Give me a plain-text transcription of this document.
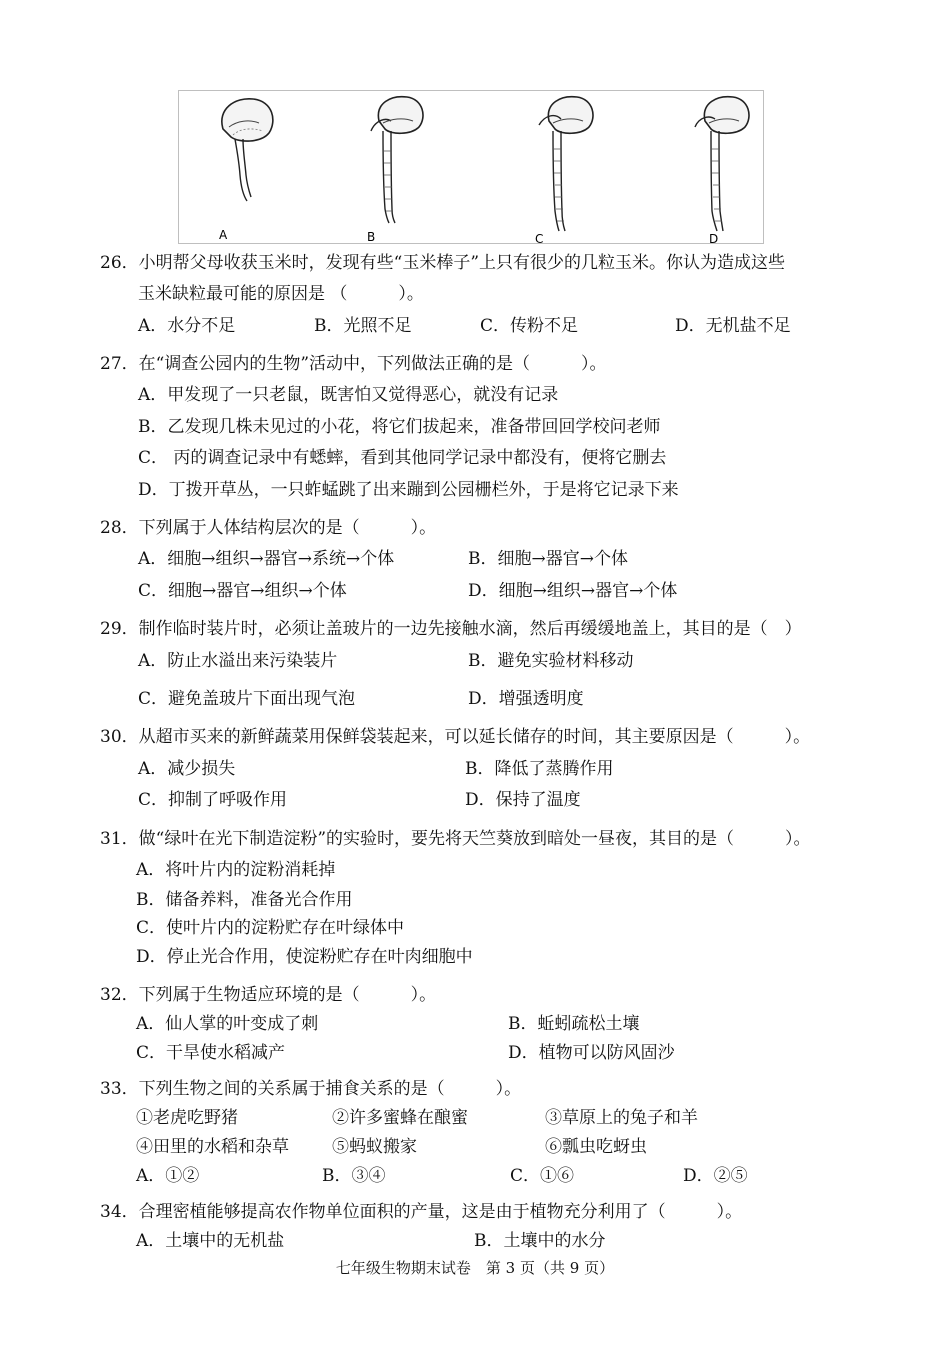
A	B	C	D
26．小明帮父母收获玉米时，发现有些“玉米棒子”上只有很少的几粒玉米。你认为造成这些
玉米缺粒最可能的原因是 （　　　）。
A．水分不足	B．光照不足	C．传粉不足	D．无机盐不足
27．在“调查公园内的生物”活动中，下列做法正确的是（　　　）。
A．甲发现了一只老鼠，既害怕又觉得恶心，就没有记录
B．乙发现几株未见过的小花，将它们拔起来，准备带回回学校问老师
C． 丙的调查记录中有蟋蟀，看到其他同学记录中都没有，便将它删去
D．丁拨开草丛，一只蚱蜢跳了出来蹦到公园栅栏外，于是将它记录下来
28．下列属于人体结构层次的是（　　　）。
A．细胞→组织→器官→系统→个体	B．细胞→器官→个体
C．细胞→器官→组织→个体	D．细胞→组织→器官→个体
29．制作临时装片时，必须让盖玻片的一边先接触水滴，然后再缓缓地盖上，其目的是（　）
A．防止水溢出来污染装片	B．避免实验材料移动
C．避免盖玻片下面出现气泡	D．增强透明度
30．从超市买来的新鲜蔬菜用保鲜袋装起来，可以延长储存的时间，其主要原因是（　　　）。
A．减少损失	B．降低了蒸腾作用
C．抑制了呼吸作用	D．保持了温度
31．做“绿叶在光下制造淀粉”的实验时，要先将天竺葵放到暗处一昼夜，其目的是（　　　）。
A．将叶片内的淀粉消耗掉
B．储备养料，准备光合作用
C．使叶片内的淀粉贮存在叶绿体中
D．停止光合作用，使淀粉贮存在叶肉细胞中
32．下列属于生物适应环境的是（　　　）。
A．仙人掌的叶变成了刺	B．蚯蚓疏松土壤
C．干旱使水稻减产	D．植物可以防风固沙
33．下列生物之间的关系属于捕食关系的是（　　　）。
①老虎吃野猪	②许多蜜蜂在酿蜜	③草原上的兔子和羊
④田里的水稻和杂草	⑤蚂蚁搬家	⑥瓢虫吃蚜虫
A．①②	B．③④	C．①⑥	D．②⑤
34．合理密植能够提高农作物单位面积的产量，这是由于植物充分利用了（　　　）。
A．土壤中的无机盐	B．土壤中的水分
七年级生物期末试卷　第 3 页（共 9 页）
